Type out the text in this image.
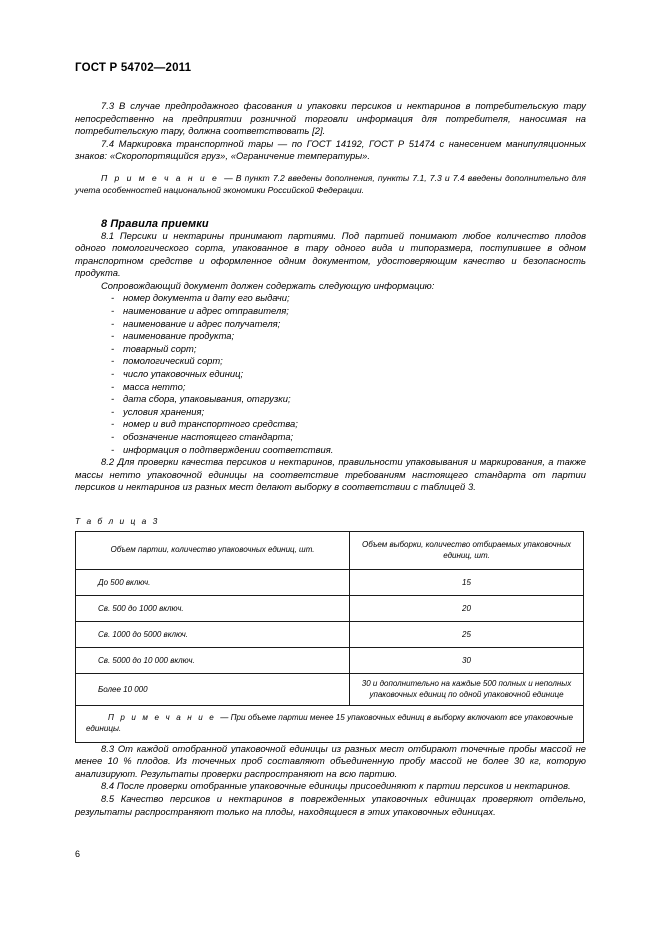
ГОСТ Р 54702—2011

7.3 В случае предпродажного фасования и упаковки персиков и нектаринов в потребительскую тару непосредственно на предприятии розничной торговли информация для потребителя, наносимая на потребительскую тару, должна соответствовать [2].

7.4 Маркировка транспортной тары — по ГОСТ 14192, ГОСТ Р 51474 с нанесением манипуляционных знаков: «Скоропортящийся груз», «Ограничение температуры».

П р и м е ч а н и е — В пункт 7.2 введены дополнения, пункты 7.1, 7.3 и 7.4 введены дополнительно для учета особенностей национальной экономики Российской Федерации.

8 Правила приемки

8.1 Персики и нектарины принимают партиями. Под партией понимают любое количество плодов одного помологического сорта, упакованное в тару одного вида и типоразмера, поступившее в одном транспортном средстве и оформленное одним документом, удостоверяющим качество и безопасность продукта.

Сопровождающий документ должен содержать следующую информацию:

- номер документа и дату его выдачи;
- наименование и адрес отправителя;
- наименование и адрес получателя;
- наименование продукта;
- товарный сорт;
- помологический сорт;
- число упаковочных единиц;
- масса нетто;
- дата сбора, упаковывания, отгрузки;
- условия хранения;
- номер и вид транспортного средства;
- обозначение настоящего стандарта;
- информация о подтверждении соответствия.

8.2 Для проверки качества персиков и нектаринов, правильности упаковывания и маркирования, а также массы нетто упаковочной единицы на соответствие требованиям настоящего стандарта от партии персиков и нектаринов из разных мест делают выборку в соответствии с таблицей 3.

Т а б л и ц а 3
Объем партии, количество упаковочных единиц, шт.	Объем выборки, количество отбираемых упаковочных единиц, шт.
До 500 включ.	15
Св. 500 до 1000 включ.	20
Св. 1000 до 5000 включ.	25
Св. 5000 до 10 000 включ.	30
Более 10 000	30 и дополнительно на каждые 500 полных и неполных упаковочных единиц по одной упаковочной единице
П р и м е ч а н и е — При объеме партии менее 15 упаковочных единиц в выборку включают все упаковочные единицы.	

8.3 От каждой отобранной упаковочной единицы из разных мест отбирают точечные пробы массой не менее 10 % плодов. Из точечных проб составляют объединенную пробу массой не более 30 кг, которую анализируют. Результаты проверки распространяют на всю партию.

8.4 После проверки отобранные упаковочные единицы присоединяют к партии персиков и нектаринов.

8.5 Качество персиков и нектаринов в поврежденных упаковочных единицах проверяют отдельно, результаты распространяют только на плоды, находящиеся в этих упаковочных единицах.

6
